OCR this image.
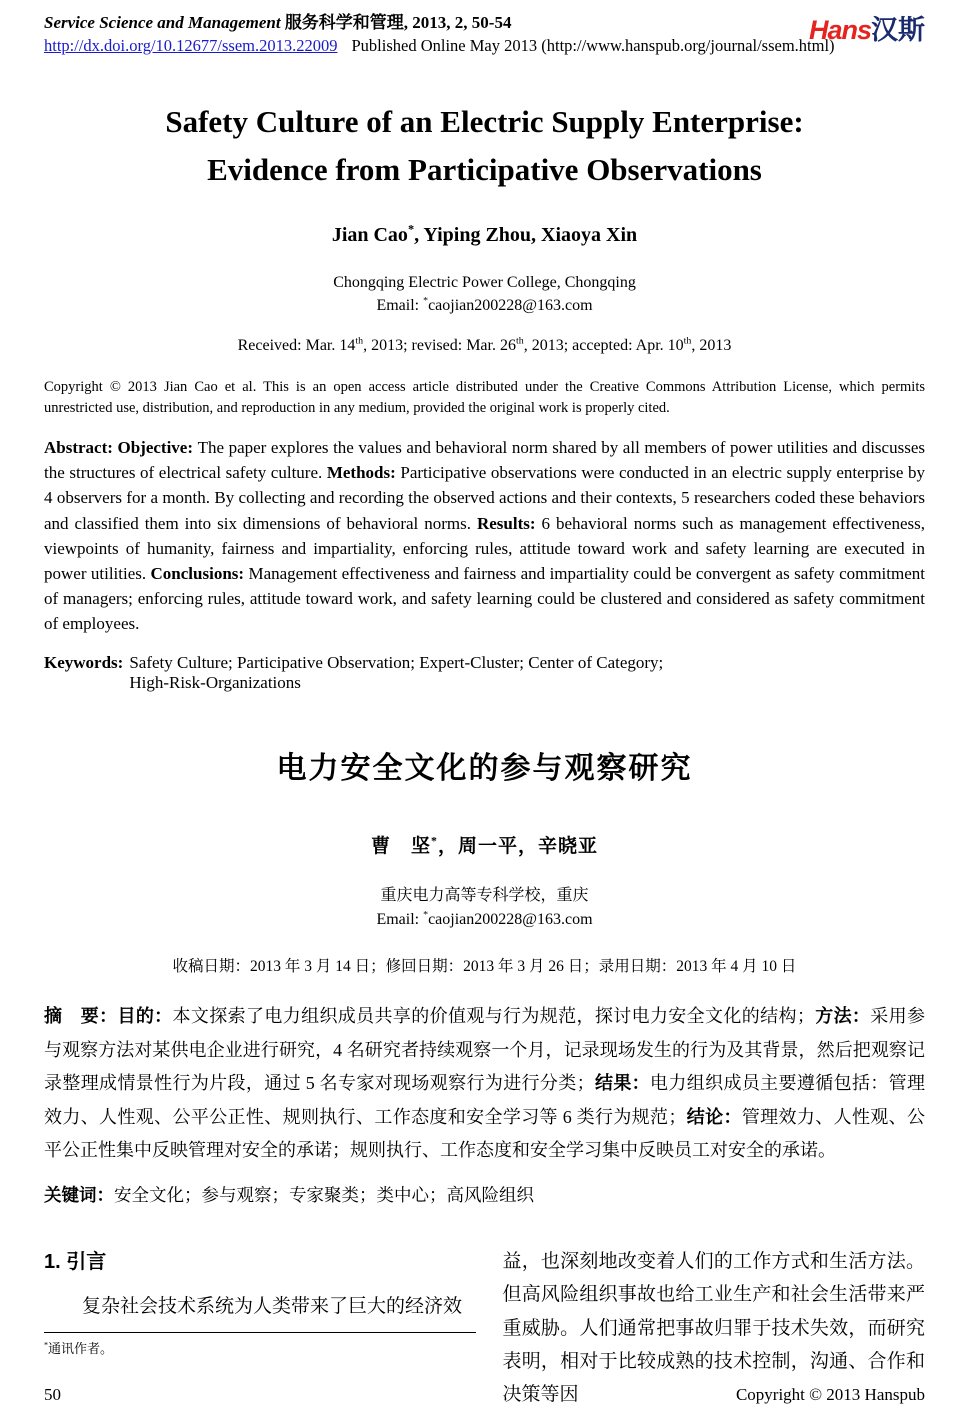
Service Science and Management 服务科学和管理, 2013, 2, 50-54
http://dx.doi.org/10.12677/ssem.2013.22009 Published Online May 2013 (http://www.hanspub.org/journal/ssem.html)
Hans汉斯
Safety Culture of an Electric Supply Enterprise:
Evidence from Participative Observations
Jian Cao*, Yiping Zhou, Xiaoya Xin
Chongqing Electric Power College, Chongqing
Email: *caojian200228@163.com
Received: Mar. 14th, 2013; revised: Mar. 26th, 2013; accepted: Apr. 10th, 2013

Copyright © 2013 Jian Cao et al. This is an open access article distributed under the Creative Commons Attribution License, which permits unrestricted use, distribution, and reproduction in any medium, provided the original work is properly cited.

Abstract: Objective: The paper explores the values and behavioral norm shared by all members of power utilities and discusses the structures of electrical safety culture. Methods: Participative observations were conducted in an electric supply enterprise by 4 observers for a month. By collecting and recording the observed actions and their contexts, 5 researchers coded these behaviors and classified them into six dimensions of behavioral norms. Results: 6 behavioral norms such as management effectiveness, viewpoints of humanity, fairness and impartiality, enforcing rules, attitude toward work and safety learning are executed in power utilities. Conclusions: Management effectiveness and fairness and impartiality could be convergent as safety commitment of managers; enforcing rules, attitude toward work, and safety learning could be clustered and considered as safety commitment of employees.

Keywords: Safety Culture; Participative Observation; Expert-Cluster; Center of Category;
High-Risk-Organizations
电力安全文化的参与观察研究
曹　坚*，周一平，辛晓亚
重庆电力高等专科学校，重庆
Email: *caojian200228@163.com
收稿日期：2013 年 3 月 14 日；修回日期：2013 年 3 月 26 日；录用日期：2013 年 4 月 10 日

摘　要：目的：本文探索了电力组织成员共享的价值观与行为规范，探讨电力安全文化的结构；方法：采用参与观察方法对某供电企业进行研究，4 名研究者持续观察一个月，记录现场发生的行为及其背景，然后把观察记录整理成情景性行为片段，通过 5 名专家对现场观察行为进行分类；结果：电力组织成员主要遵循包括：管理效力、人性观、公平公正性、规则执行、工作态度和安全学习等 6 类行为规范；结论：管理效力、人性观、公平公正性集中反映管理对安全的承诺；规则执行、工作态度和安全学习集中反映员工对安全的承诺。

关键词： 安全文化；参与观察；专家聚类；类中心；高风险组织
1. 引言

复杂社会技术系统为人类带来了巨大的经济效

益，也深刻地改变着人们的工作方式和生活方法。但高风险组织事故也给工业生产和社会生活带来严重威胁。人们通常把事故归罪于技术失效，而研究表明，相对于比较成熟的技术控制，沟通、合作和决策等因

*通讯作者。
50	Copyright © 2013 Hanspub
